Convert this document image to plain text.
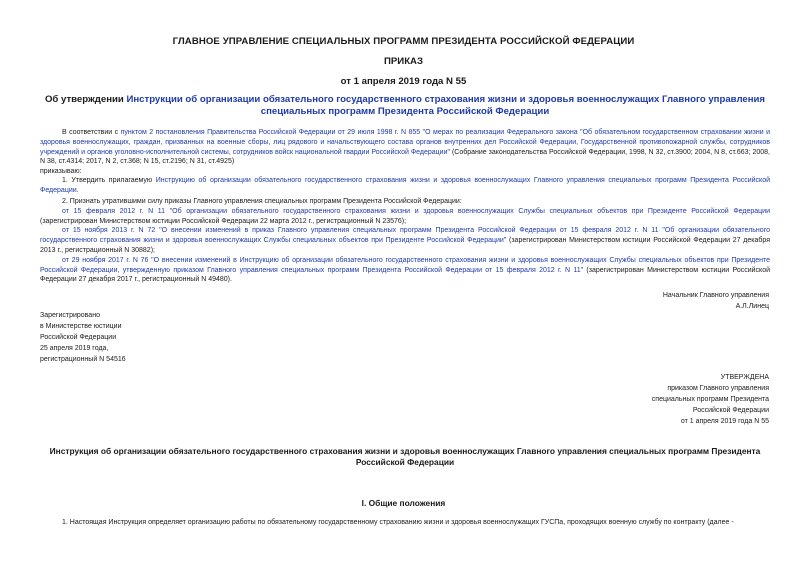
ГЛАВНОЕ УПРАВЛЕНИЕ СПЕЦИАЛЬНЫХ ПРОГРАММ ПРЕЗИДЕНТА РОССИЙСКОЙ ФЕДЕРАЦИИ
ПРИКАЗ
от 1 апреля 2019 года N 55
Об утверждении Инструкции об организации обязательного государственного страхования жизни и здоровья военнослужащих Главного управления специальных программ Президента Российской Федерации

В соответствии с пунктом 2 постановления Правительства Российской Федерации от 29 июля 1998 г. N 855 "О мерах по реализации Федерального закона "Об обязательном государственном страховании жизни и здоровья военнослужащих, граждан, призванных на военные сборы, лиц рядового и начальствующего состава органов внутренних дел Российской Федерации, Государственной противопожарной службы, сотрудников учреждений и органов уголовно-исполнительной системы, сотрудников войск национальной гвардии Российской Федерации" (Собрание законодательства Российской Федерации, 1998, N 32, ст.3900; 2004, N 8, ст.663; 2008, N 38, ст.4314; 2017, N 2, ст.368; N 15, ст.2196; N 31, ст.4925)

приказываю:

1. Утвердить прилагаемую Инструкцию об организации обязательного государственного страхования жизни и здоровья военнослужащих Главного управления специальных программ Президента Российской Федерации.

2. Признать утратившими силу приказы Главного управления специальных программ Президента Российской Федерации:

от 15 февраля 2012 г. N 11 "Об организации обязательного государственного страхования жизни и здоровья военнослужащих Службы специальных объектов при Президенте Российской Федерации (зарегистрирован Министерством юстиции Российской Федерации 22 марта 2012 г., регистрационный N 23576);

от 15 ноября 2013 г. N 72 "О внесении изменений в приказ Главного управления специальных программ Президента Российской Федерации от 15 февраля 2012 г. N 11 "Об организации обязательного государственного страхования жизни и здоровья военнослужащих Службы специальных объектов при Президенте Российской Федерации" (зарегистрирован Министерством юстиции Российской Федерации 27 декабря 2013 г., регистрационный N 30882);

от 29 ноября 2017 г. N 76 "О внесении изменений в Инструкцию об организации обязательного государственного страхования жизни и здоровья военнослужащих Службы специальных объектов при Президенте Российской Федерации, утвержденную приказом Главного управления специальных программ Президента Российской Федерации от 15 февраля 2012 г. N 11" (зарегистрирован Министерством юстиции Российской Федерации 27 декабря 2017 г., регистрационный N 49480).

Начальник Главного управления
А.Л.Линец
Зарегистрировано
в Министерстве юстиции
Российской Федерации
25 апреля 2019 года,
регистрационный N 54516
УТВЕРЖДЕНА
приказом Главного управления
специальных программ Президента
Российской Федерации
от 1 апреля 2019 года N 55
Инструкция об организации обязательного государственного страхования жизни и здоровья военнослужащих Главного управления специальных программ Президента Российской Федерации
I. Общие положения
1. Настоящая Инструкция определяет организацию работы по обязательному государственному страхованию жизни и здоровья военнослужащих ГУСПа, проходящих военную службу по контракту (далее -
